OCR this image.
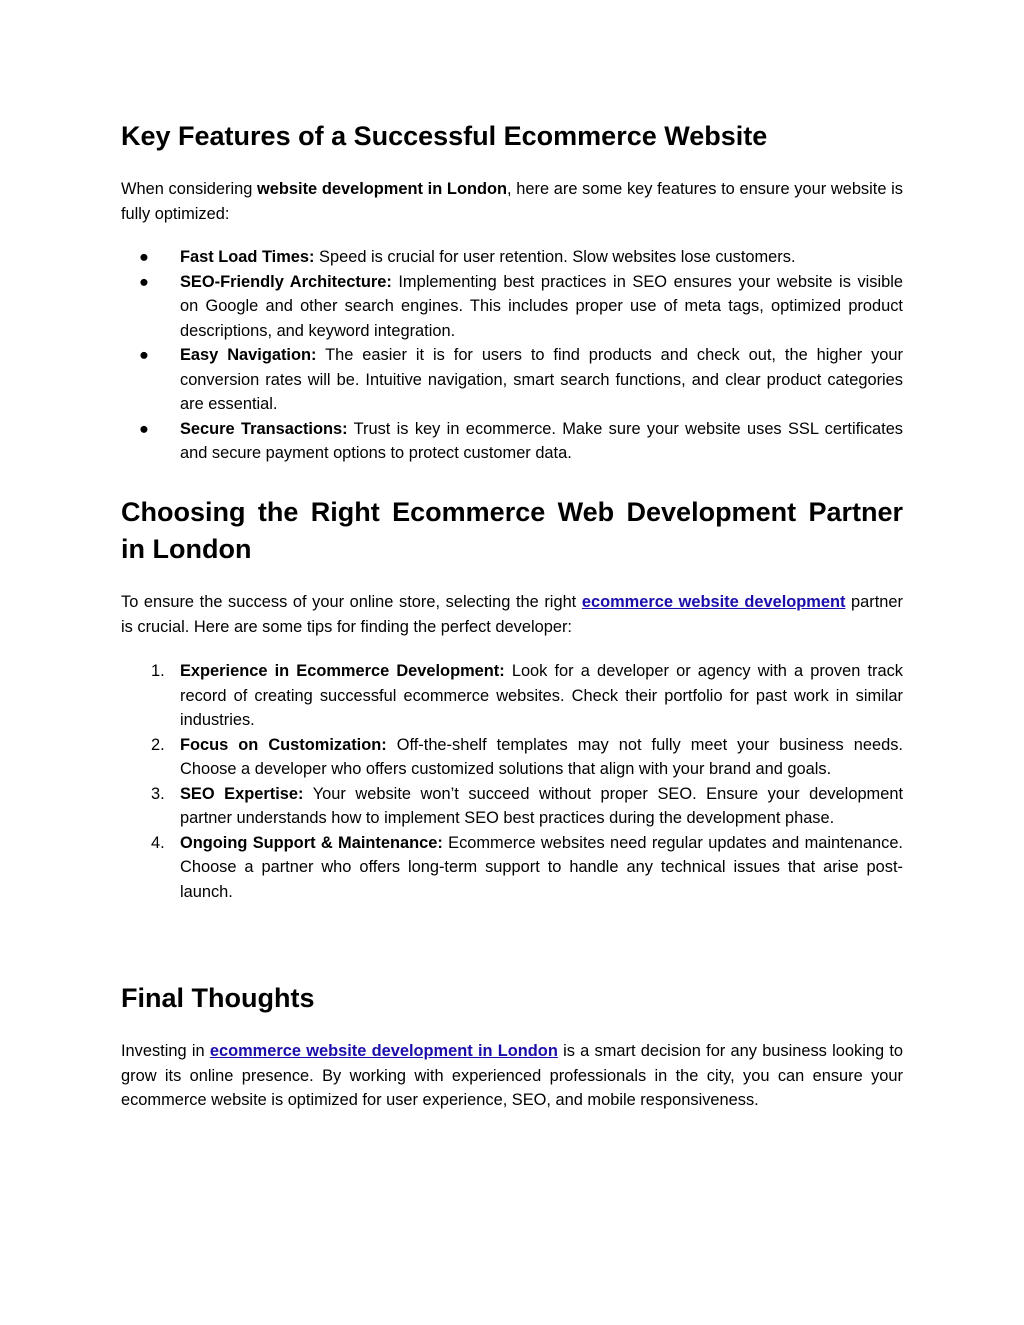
Key Features of a Successful Ecommerce Website

When considering website development in London, here are some key features to ensure your website is fully optimized:

● Fast Load Times: Speed is crucial for user retention. Slow websites lose customers.
● SEO-Friendly Architecture: Implementing best practices in SEO ensures your website is visible on Google and other search engines. This includes proper use of meta tags, optimized product descriptions, and keyword integration.
● Easy Navigation: The easier it is for users to find products and check out, the higher your conversion rates will be. Intuitive navigation, smart search functions, and clear product categories are essential.
● Secure Transactions: Trust is key in ecommerce. Make sure your website uses SSL certificates and secure payment options to protect customer data.
Choosing the Right Ecommerce Web Development Partner in London

To ensure the success of your online store, selecting the right ecommerce website development partner is crucial. Here are some tips for finding the perfect developer:

1. Experience in Ecommerce Development: Look for a developer or agency with a proven track record of creating successful ecommerce websites. Check their portfolio for past work in similar industries.
2. Focus on Customization: Off-the-shelf templates may not fully meet your business needs. Choose a developer who offers customized solutions that align with your brand and goals.
3. SEO Expertise: Your website won’t succeed without proper SEO. Ensure your development partner understands how to implement SEO best practices during the development phase.
4. Ongoing Support & Maintenance: Ecommerce websites need regular updates and maintenance. Choose a partner who offers long-term support to handle any technical issues that arise post-launch.
Final Thoughts

Investing in ecommerce website development in London is a smart decision for any business looking to grow its online presence. By working with experienced professionals in the city, you can ensure your ecommerce website is optimized for user experience, SEO, and mobile responsiveness.
